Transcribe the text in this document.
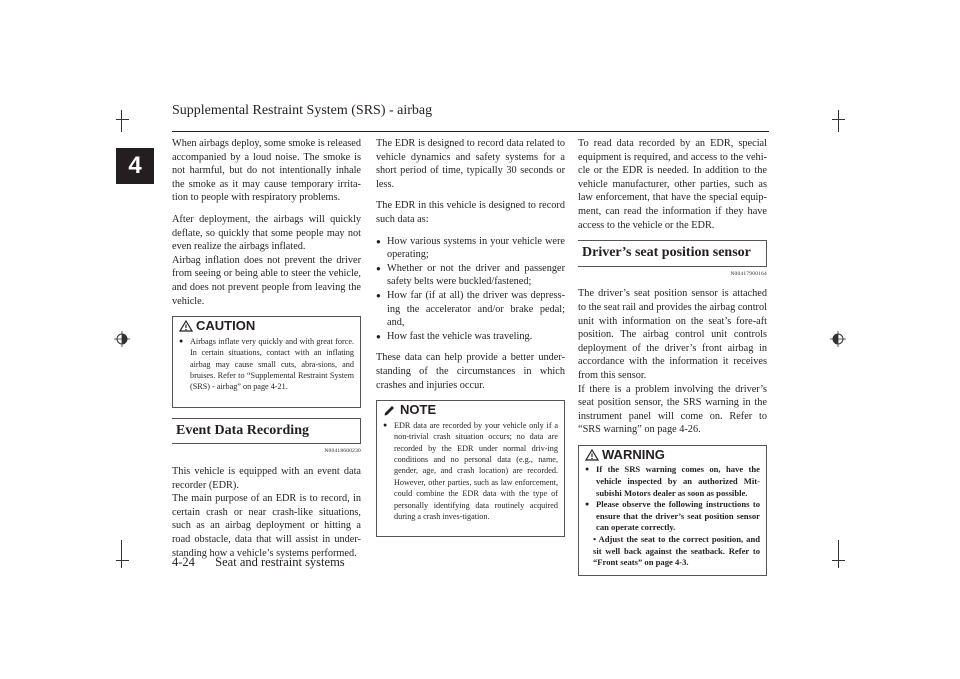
Supplemental Restraint System (SRS) - airbag
4

When airbags deploy, some smoke is released accompanied by a loud noise. The smoke is not harmful, but do not intentionally inhale the smoke as it may cause temporary irrita-tion to people with respiratory problems.

After deployment, the airbags will quickly deflate, so quickly that some people may not even realize the airbags inflated.

Airbag inflation does not prevent the driver from seeing or being able to steer the vehicle, and does not prevent people from leaving the vehicle.

CAUTION
● Airbags inflate very quickly and with great force. In certain situations, contact with an inflating airbag may cause small cuts, abra-sions, and bruises. Refer to “Supplemental Restraint System (SRS) - airbag” on page 4-21.
Event Data Recording
N00418600230

This vehicle is equipped with an event data recorder (EDR).

The main purpose of an EDR is to record, in certain crash or near crash-like situations, such as an airbag deployment or hitting a road obstacle, data that will assist in under-standing how a vehicle’s systems performed.

The EDR is designed to record data related to vehicle dynamics and safety systems for a short period of time, typically 30 seconds or less.

The EDR in this vehicle is designed to record such data as:

● How various systems in your vehicle were operating;
● Whether or not the driver and passenger safety belts were buckled/fastened;
● How far (if at all) the driver was depress-ing the accelerator and/or brake pedal; and,
● How fast the vehicle was traveling.

These data can help provide a better under-standing of the circumstances in which crashes and injuries occur.

NOTE
● EDR data are recorded by your vehicle only if a non-trivial crash situation occurs; no data are recorded by the EDR under normal driv-ing conditions and no personal data (e.g., name, gender, age, and crash location) are recorded. However, other parties, such as law enforcement, could combine the EDR data with the type of personally identifying data routinely acquired during a crash inves-tigation.

To read data recorded by an EDR, special equipment is required, and access to the vehi-cle or the EDR is needed. In addition to the vehicle manufacturer, other parties, such as law enforcement, that have the special equip-ment, can read the information if they have access to the vehicle or the EDR.

Driver’s seat position sensor
N00417900164

The driver’s seat position sensor is attached to the seat rail and provides the airbag control unit with information on the seat’s fore-aft position. The airbag control unit controls deployment of the driver’s front airbag in accordance with the information it receives from this sensor.

If there is a problem involving the driver’s seat position sensor, the SRS warning in the instrument panel will come on. Refer to “SRS warning” on page 4-26.

WARNING
● If the SRS warning comes on, have the vehicle inspected by an authorized Mit-subishi Motors dealer as soon as possible.
● Please observe the following instructions to ensure that the driver’s seat position sensor can operate correctly.
• Adjust the seat to the correct position, and sit well back against the seatback. Refer to “Front seats” on page 4-3.
4-24 Seat and restraint systems
